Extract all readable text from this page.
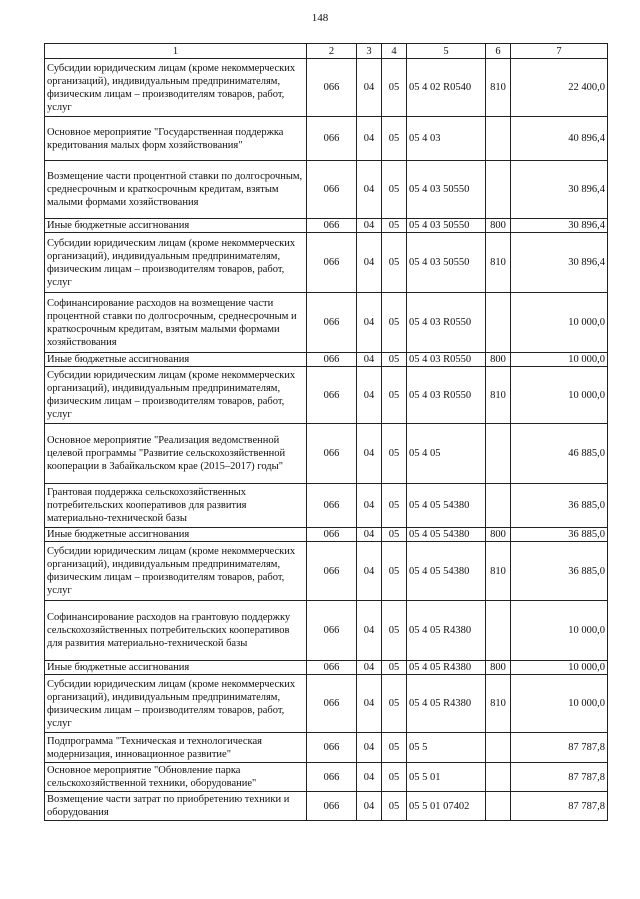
148
1	2	3	4	5	6	7
Субсидии юридическим лицам (кроме некоммерческих организаций), индивидуальным предпринимателям, физическим лицам – производителям товаров, работ, услуг	066	04	05	05 4 02 R0540	810	22 400,0
Основное мероприятие "Государственная поддержка кредитования малых форм хозяйствования"	066	04	05	05 4 03		40 896,4
Возмещение части процентной ставки по долгосрочным, среднесрочным и краткосрочным кредитам, взятым малыми формами хозяйствования	066	04	05	05 4 03 50550		30 896,4
Иные бюджетные ассигнования	066	04	05	05 4 03 50550	800	30 896,4
Субсидии юридическим лицам (кроме некоммерческих организаций), индивидуальным предпринимателям, физическим лицам – производителям товаров, работ, услуг	066	04	05	05 4 03 50550	810	30 896,4
Софинансирование расходов на возмещение части процентной ставки по долгосрочным, среднесрочным и краткосрочным кредитам, взятым малыми формами хозяйствования	066	04	05	05 4 03 R0550		10 000,0
Иные бюджетные ассигнования	066	04	05	05 4 03 R0550	800	10 000,0
Субсидии юридическим лицам (кроме некоммерческих организаций), индивидуальным предпринимателям, физическим лицам – производителям товаров, работ, услуг	066	04	05	05 4 03 R0550	810	10 000,0
Основное мероприятие "Реализация ведомственной целевой программы "Развитие сельскохозяйственной кооперации в Забайкальском крае (2015–2017) годы"	066	04	05	05 4 05		46 885,0
Грантовая поддержка сельскохозяйственных потребительских кооперативов для развития материально-технической базы	066	04	05	05 4 05 54380		36 885,0
Иные бюджетные ассигнования	066	04	05	05 4 05 54380	800	36 885,0
Субсидии юридическим лицам (кроме некоммерческих организаций), индивидуальным предпринимателям, физическим лицам – производителям товаров, работ, услуг	066	04	05	05 4 05 54380	810	36 885,0
Софинансирование расходов на грантовую поддержку сельскохозяйственных потребительских кооперативов для развития материально-технической базы	066	04	05	05 4 05 R4380		10 000,0
Иные бюджетные ассигнования	066	04	05	05 4 05 R4380	800	10 000,0
Субсидии юридическим лицам (кроме некоммерческих организаций), индивидуальным предпринимателям, физическим лицам – производителям товаров, работ, услуг	066	04	05	05 4 05 R4380	810	10 000,0
Подпрограмма "Техническая и технологическая модернизация, инновационное развитие"	066	04	05	05 5		87 787,8
Основное мероприятие "Обновление парка сельскохозяйственной техники, оборудование"	066	04	05	05 5 01		87 787,8
Возмещение части затрат по приобретению техники и оборудования	066	04	05	05 5 01 07402		87 787,8
